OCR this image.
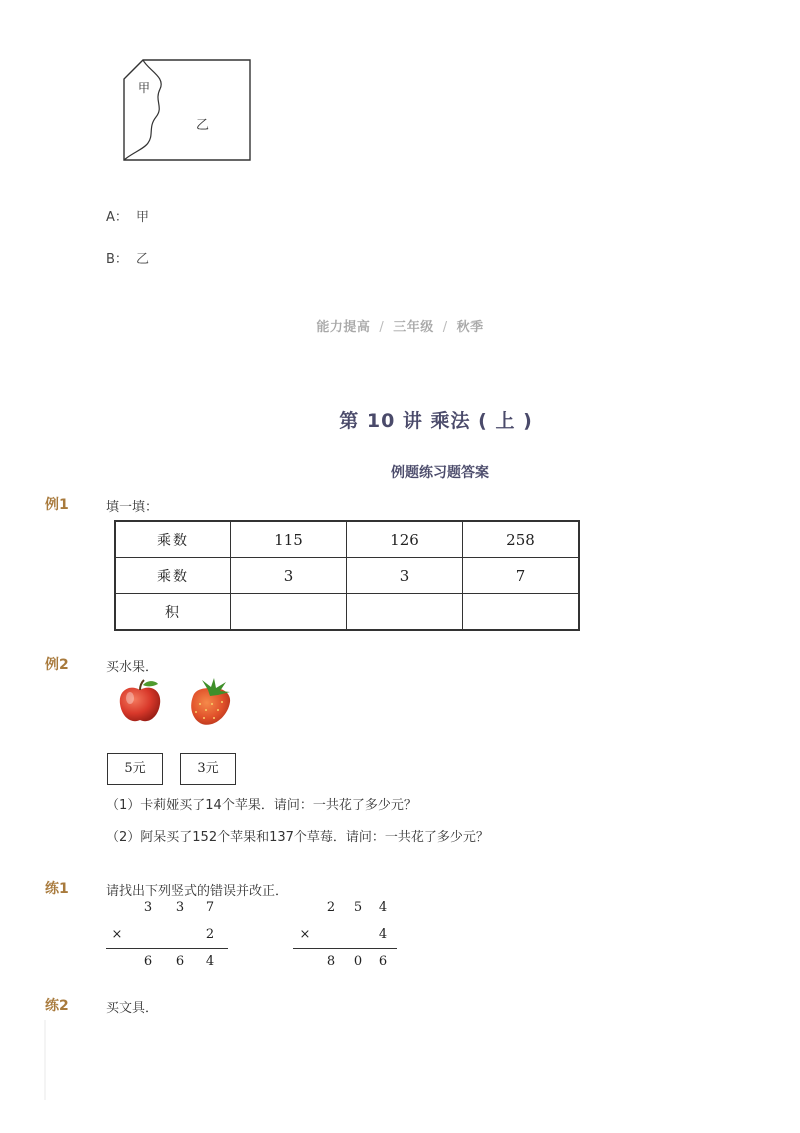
甲
乙
A： 甲
B： 乙
能力提高 / 三年级 / 秋季
第 10 讲 乘法 ( 上 )
例题练习题答案
例1	填一填：
乘数	115	126	258
乘数	3	3	7
积			
例2	买水果．
5元	3元
（1）卡莉娅买了14个苹果．请问：一共花了多少元？
（2）阿呆买了152个苹果和137个草莓．请问：一共花了多少元？
练1	请找出下列竖式的错误并改正．
3 3 7
×	2
6 6 4
2 5 4
×	4
8 0 6
练2	买文具．
